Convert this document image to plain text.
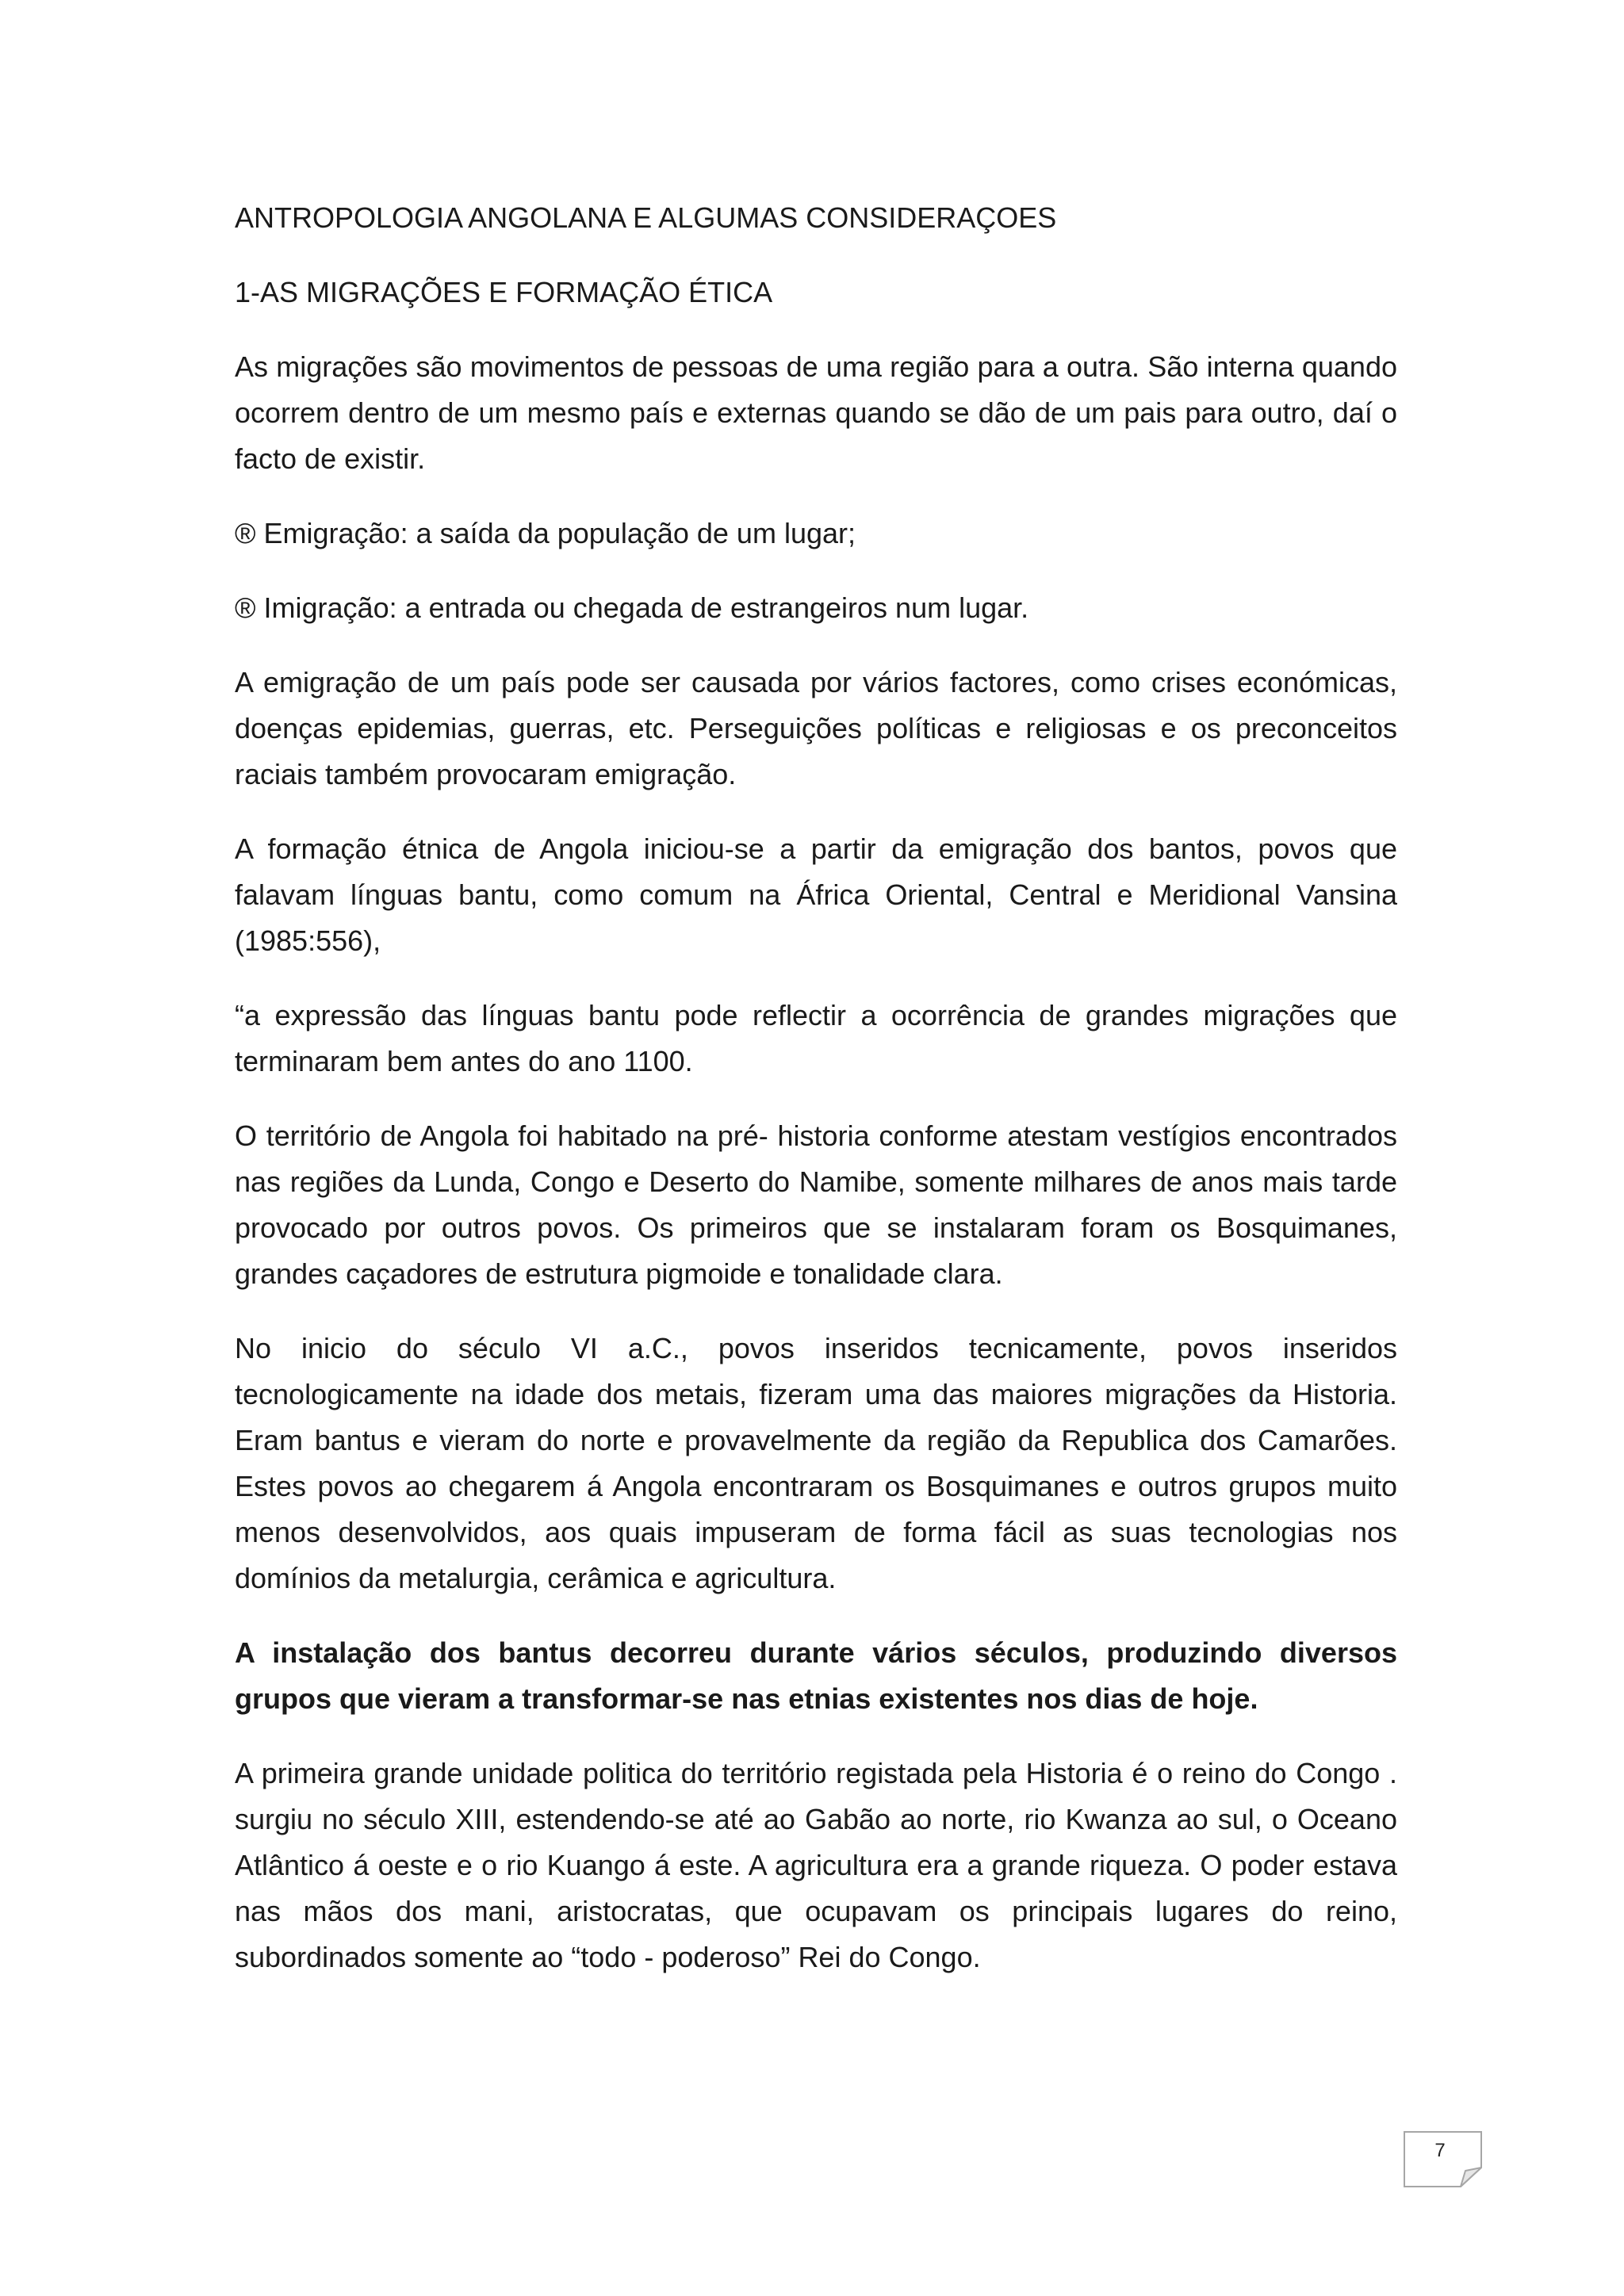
ANTROPOLOGIA ANGOLANA E ALGUMAS CONSIDERAÇOES

1-AS MIGRAÇÕES E FORMAÇÃO ÉTICA

As migrações são movimentos de pessoas de uma região para a outra. São interna quando ocorrem dentro de um mesmo país e externas quando se dão de um pais para outro, daí o facto de existir.

® Emigração: a saída da população de um lugar;

® Imigração: a entrada ou chegada de estrangeiros num lugar.

A emigração de um país pode ser causada por vários factores, como crises económicas, doenças epidemias, guerras, etc. Perseguições políticas e religiosas e os preconceitos raciais também provocaram emigração.

A formação étnica de Angola iniciou-se a partir da emigração dos bantos, povos que falavam línguas bantu, como comum na África Oriental, Central e Meridional Vansina (1985:556),

“a expressão das línguas bantu pode reflectir a ocorrência de grandes migrações que terminaram bem antes do ano 1100.

O território de Angola foi habitado na pré- historia conforme atestam vestígios encontrados nas regiões da Lunda, Congo e Deserto do Namibe, somente milhares de anos mais tarde provocado por outros povos. Os primeiros que se instalaram foram os Bosquimanes, grandes caçadores de estrutura pigmoide e tonalidade clara.

No inicio do século VI a.C., povos inseridos tecnicamente, povos inseridos tecnologicamente na idade dos metais, fizeram uma das maiores migrações da Historia. Eram bantus e vieram do norte e provavelmente da região da Republica dos Camarões. Estes povos ao chegarem á Angola encontraram os Bosquimanes e outros grupos muito menos desenvolvidos, aos quais impuseram de forma fácil as suas tecnologias nos domínios da metalurgia, cerâmica e agricultura.

A instalação dos bantus decorreu durante vários séculos, produzindo diversos grupos que vieram a transformar-se nas etnias existentes nos dias de hoje.

A primeira grande unidade politica do território registada pela Historia é o reino do Congo . surgiu no século XIII, estendendo-se até ao Gabão ao norte, rio Kwanza ao sul, o Oceano Atlântico á oeste e o rio Kuango á este. A agricultura era a grande riqueza. O poder estava nas mãos dos mani, aristocratas, que ocupavam os principais lugares do reino, subordinados somente ao “todo - poderoso” Rei do Congo.

7
